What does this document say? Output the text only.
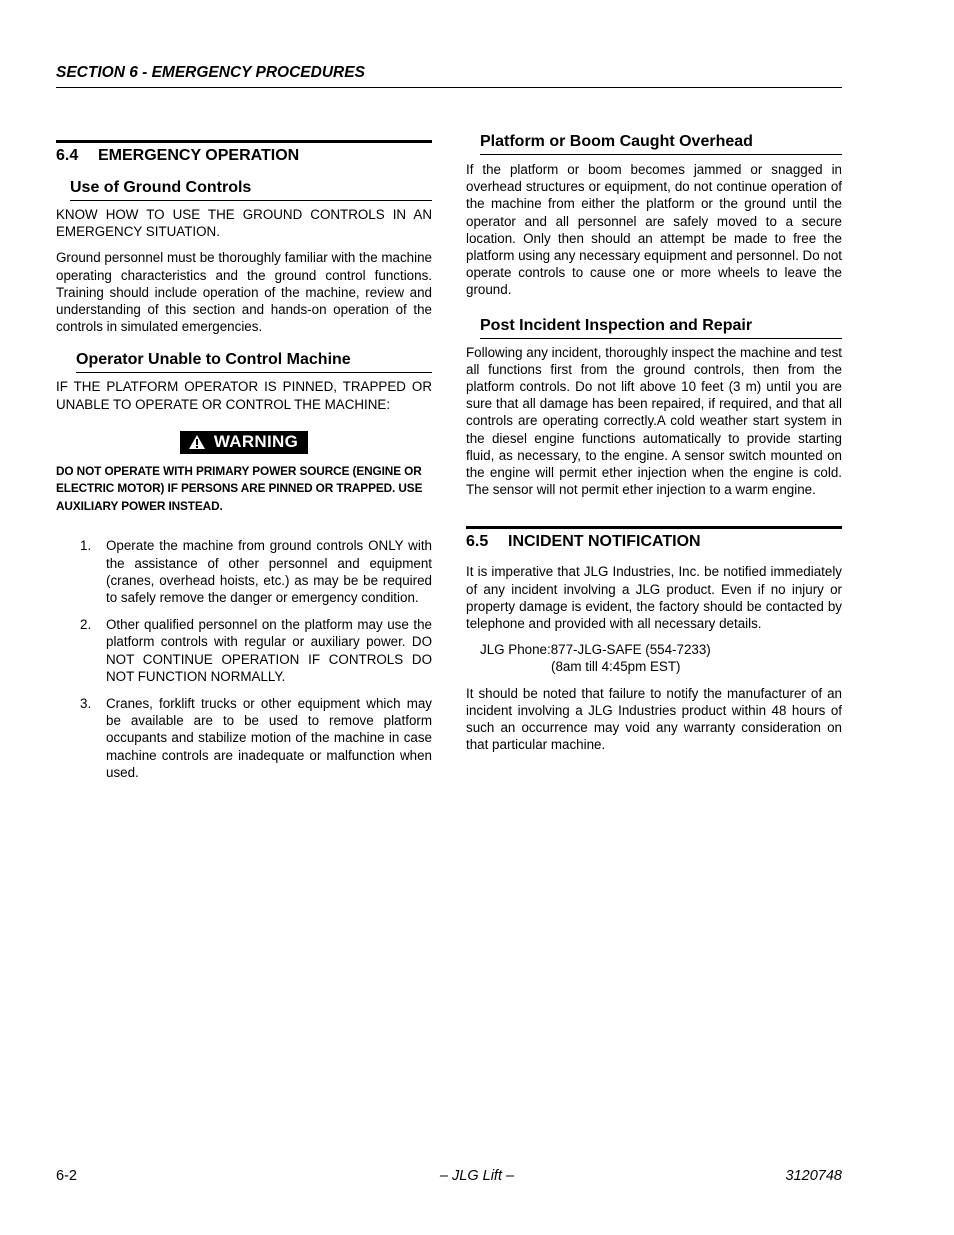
SECTION 6 - EMERGENCY PROCEDURES
6.4 EMERGENCY OPERATION
Use of Ground Controls

KNOW HOW TO USE THE GROUND CONTROLS IN AN EMERGENCY SITUATION.

Ground personnel must be thoroughly familiar with the machine operating characteristics and the ground control functions. Training should include operation of the machine, review and understanding of this section and hands-on operation of the controls in simulated emergencies.

Operator Unable to Control Machine

IF THE PLATFORM OPERATOR IS PINNED, TRAPPED OR UNABLE TO OPERATE OR CONTROL THE MACHINE:

WARNING

DO NOT OPERATE WITH PRIMARY POWER SOURCE (ENGINE OR ELECTRIC MOTOR) IF PERSONS ARE PINNED OR TRAPPED. USE AUXILIARY POWER INSTEAD.

1.	Operate the machine from ground controls ONLY with the assistance of other personnel and equipment (cranes, overhead hoists, etc.) as may be be required to safely remove the danger or emergency condition.
2.	Other qualified personnel on the platform may use the platform controls with regular or auxiliary power. DO NOT CONTINUE OPERATION IF CONTROLS DO NOT FUNCTION NORMALLY.
3.	Cranes, forklift trucks or other equipment which may be available are to be used to remove platform occupants and stabilize motion of the machine in case machine controls are inadequate or malfunction when used.
Platform or Boom Caught Overhead

If the platform or boom becomes jammed or snagged in overhead structures or equipment, do not continue operation of the machine from either the platform or the ground until the operator and all personnel are safely moved to a secure location. Only then should an attempt be made to free the platform using any necessary equipment and personnel. Do not operate controls to cause one or more wheels to leave the ground.

Post Incident Inspection and Repair

Following any incident, thoroughly inspect the machine and test all functions first from the ground controls, then from the platform controls. Do not lift above 10 feet (3 m) until you are sure that all damage has been repaired, if required, and that all controls are operating correctly.A cold weather start system in the diesel engine functions automatically to provide starting fluid, as necessary, to the engine. A sensor switch mounted on the engine will permit ether injection when the engine is cold. The sensor will not permit ether injection to a warm engine.

6.5 INCIDENT NOTIFICATION

It is imperative that JLG Industries, Inc. be notified immediately of any incident involving a JLG product. Even if no injury or property damage is evident, the factory should be contacted by telephone and provided with all necessary details.

JLG Phone:877-JLG-SAFE (554-7233)
(8am till 4:45pm EST)

It should be noted that failure to notify the manufacturer of an incident involving a JLG Industries product within 48 hours of such an occurrence may void any warranty consideration on that particular machine.

6-2	– JLG Lift –	3120748
